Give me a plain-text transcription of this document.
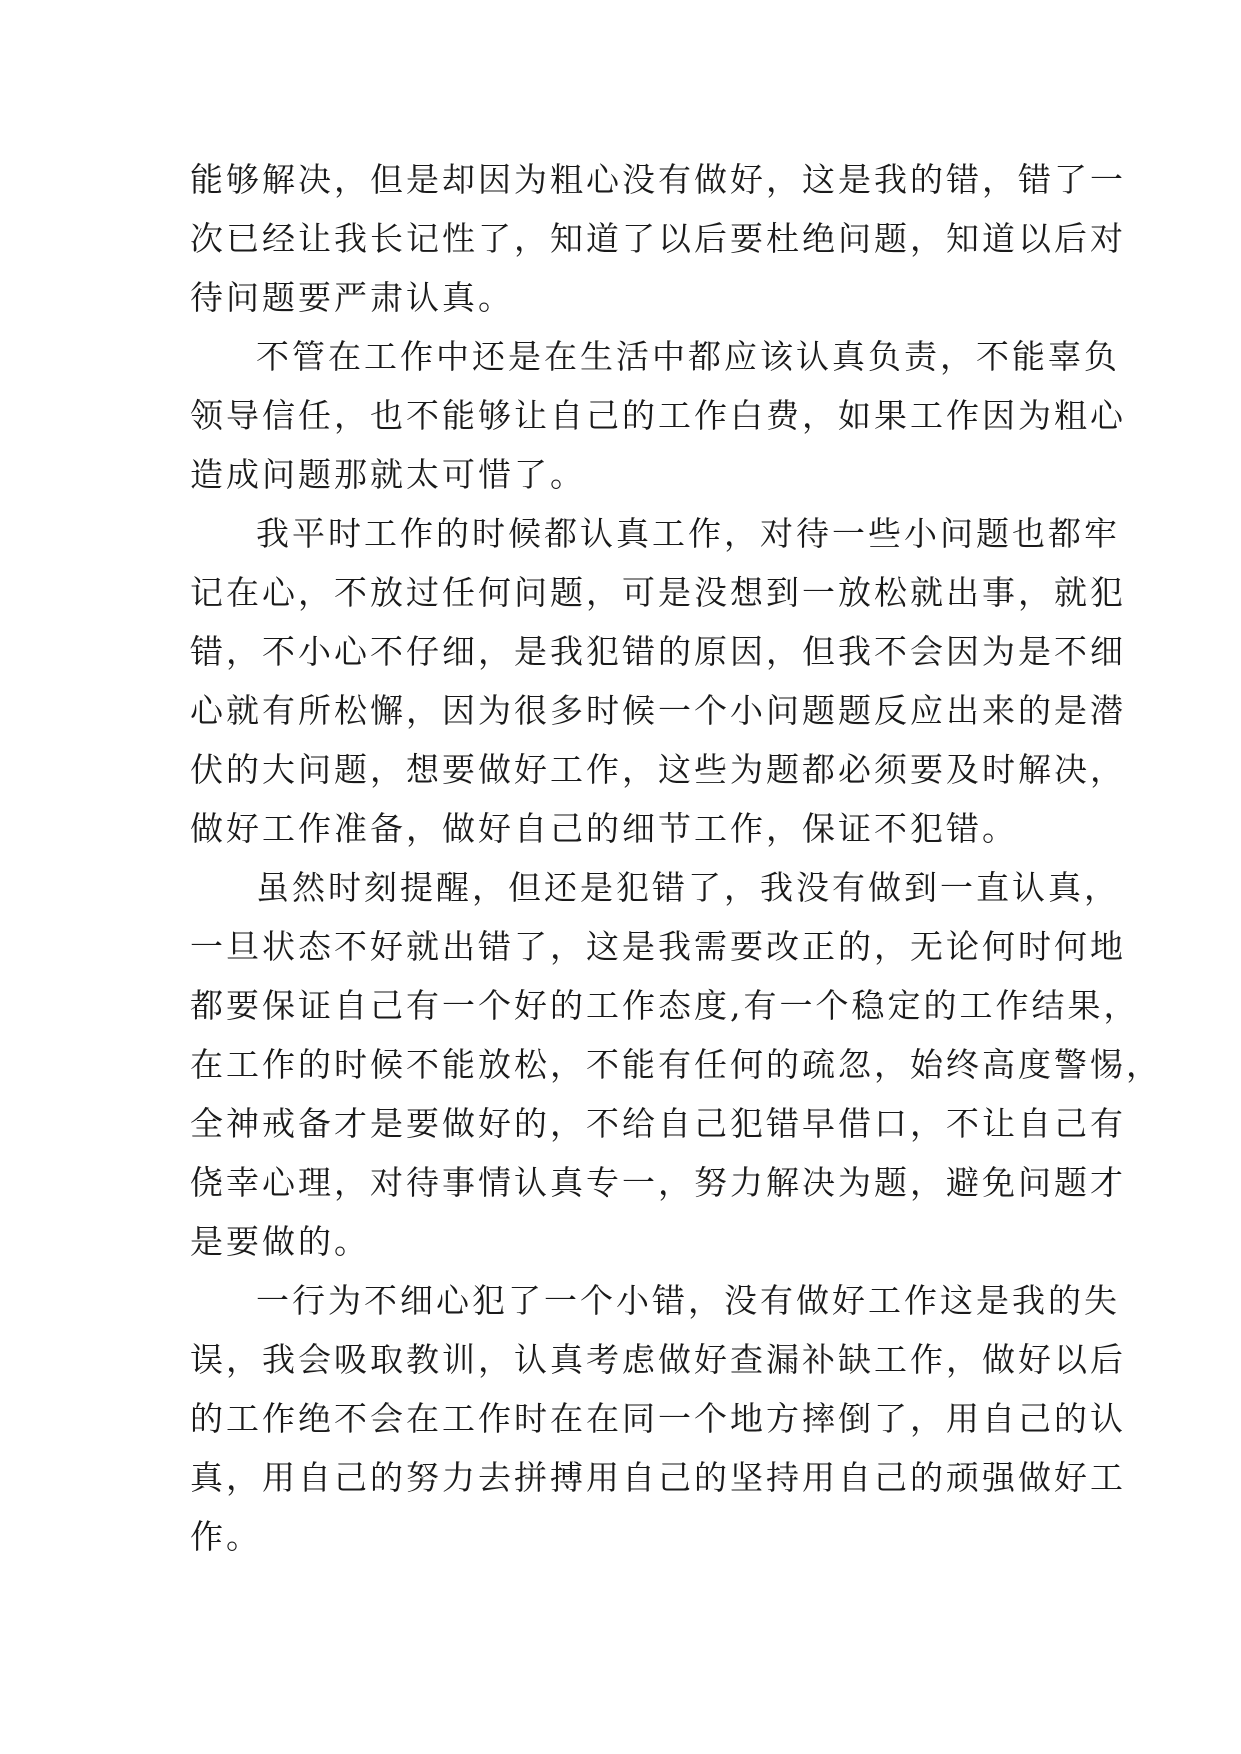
能够解决，但是却因为粗心没有做好，这是我的错，错了一
次已经让我长记性了，知道了以后要杜绝问题，知道以后对
待问题要严肃认真。
不管在工作中还是在生活中都应该认真负责，不能辜负
领导信任，也不能够让自己的工作白费，如果工作因为粗心
造成问题那就太可惜了。
我平时工作的时候都认真工作，对待一些小问题也都牢
记在心，不放过任何问题，可是没想到一放松就出事，就犯
错，不小心不仔细，是我犯错的原因，但我不会因为是不细
心就有所松懈，因为很多时候一个小问题题反应出来的是潜
伏的大问题，想要做好工作，这些为题都必须要及时解决，
做好工作准备，做好自己的细节工作，保证不犯错。
虽然时刻提醒，但还是犯错了，我没有做到一直认真，
一旦状态不好就出错了，这是我需要改正的，无论何时何地
都要保证自己有一个好的工作态度,有一个稳定的工作结果，
在工作的时候不能放松，不能有任何的疏忽，始终高度警惕，
全神戒备才是要做好的，不给自己犯错早借口，不让自己有
侥幸心理，对待事情认真专一，努力解决为题，避免问题才
是要做的。
一行为不细心犯了一个小错，没有做好工作这是我的失
误，我会吸取教训，认真考虑做好查漏补缺工作，做好以后
的工作绝不会在工作时在在同一个地方摔倒了，用自己的认
真，用自己的努力去拼搏用自己的坚持用自己的顽强做好工
作。
